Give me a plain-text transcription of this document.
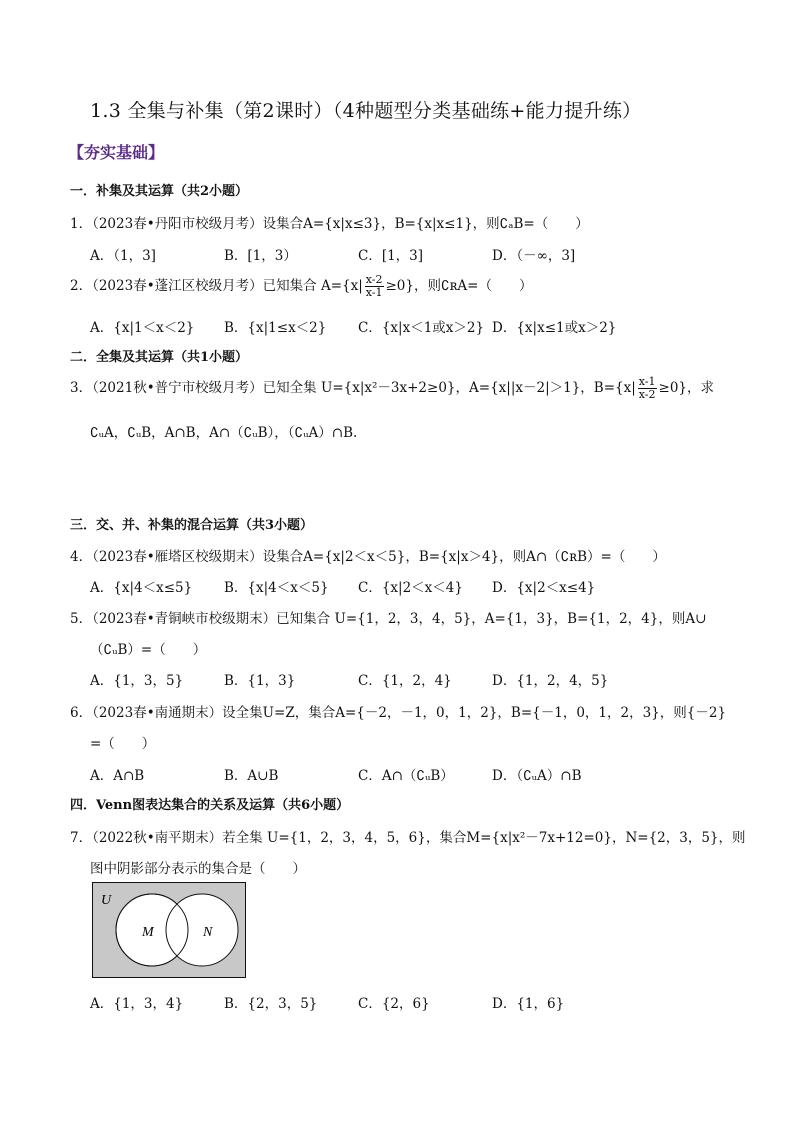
1.3 全集与补集（第2课时）（4种题型分类基础练+能力提升练）
【夯实基础】
一．补集及其运算（共2小题）
1．（2023春•丹阳市校级月考）设集合A={x|x≤3}，B={x|x≤1}，则∁ₐB=（　　）
A．（1，3]	B．[1，3）	C．[1，3]	D．（－∞，3]
2．（2023春•蓬江区校级月考）已知集合 $A=\{x| \frac{x-2}{x-1} \ge 0\}$，则∁ʀA=（　　）
A．{x|1＜x＜2}	B．{x|1≤x＜2}	C．{x|x＜1或x＞2} D．{x|x≤1或x＞2}
二．全集及其运算（共1小题）
3．（2021秋•普宁市校级月考）已知全集 U={x|x²－3x+2≥0}，A={x||x－2|＞1}，$B=\{x| \frac{x-1}{x-2} \ge 0\}$，求
∁ᵤA，∁ᵤB，A∩B，A∩（∁ᵤB），（∁ᵤA）∩B.
三．交、并、补集的混合运算（共3小题）
4．（2023春•雁塔区校级期末）设集合A={x|2＜x＜5}，B={x|x＞4}，则A∩（∁ʀB）=（　　）
A．{x|4＜x≤5}	B．{x|4＜x＜5}	C．{x|2＜x＜4}	D．{x|2＜x≤4}
5．（2023春•青铜峡市校级期末）已知集合 U={1，2，3，4，5}，A={1，3}，B={1，2，4}，则A∪
（∁ᵤB）=（　　）
A．{1，3，5}	B．{1，3}	C．{1，2，4}	D．{1，2，4，5}
6．（2023春•南通期末）设全集U=Z，集合A={－2，－1，0，1，2}，B={－1，0，1，2，3}，则{－2}
=（　　）
A．A∩B	B．A∪B	C．A∩（∁ᵤB）	D．（∁ᵤA）∩B
四．Venn图表达集合的关系及运算（共6小题）
7．（2022秋•南平期末）若全集 U={1，2，3，4，5，6}，集合M={x|x²－7x+12=0}，N={2，3，5}，则
图中阴影部分表示的集合是（　　）
U
M	N
A．{1，3，4}	B．{2，3，5}	C．{2，6}	D．{1，6}
